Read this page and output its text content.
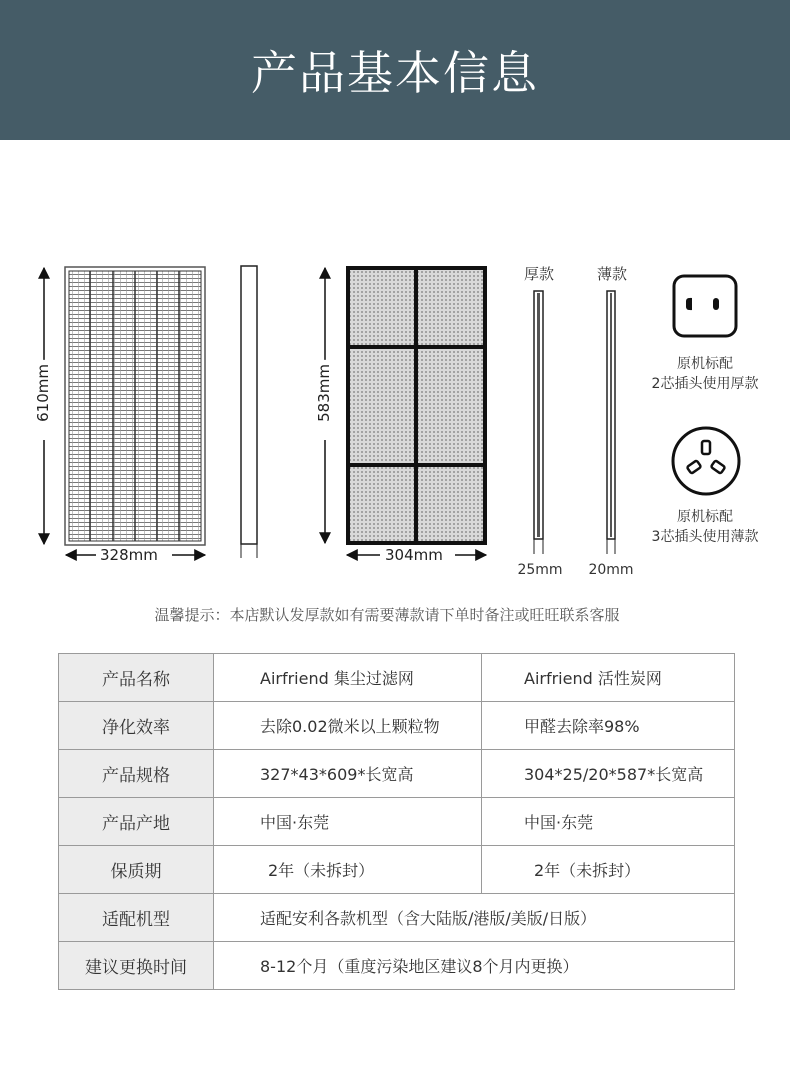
产品基本信息
610mm
328mm
583mm
304mm
厚款	薄款
25mm	20mm
原机标配
2芯插头使用厚款
原机标配
3芯插头使用薄款
温馨提示：本店默认发厚款如有需要薄款请下单时备注或旺旺联系客服
产品名称	Airfriend 集尘过滤网	Airfriend 活性炭网
净化效率	去除0.02微米以上颗粒物	甲醛去除率98%
产品规格	327*43*609*长宽高	304*25/20*587*长宽高
产品产地	中国·东莞	中国·东莞
保质期	2年（未拆封）	2年（未拆封）
适配机型	适配安利各款机型（含大陆版/港版/美版/日版）	
建议更换时间	8-12个月（重度污染地区建议8个月内更换）	
